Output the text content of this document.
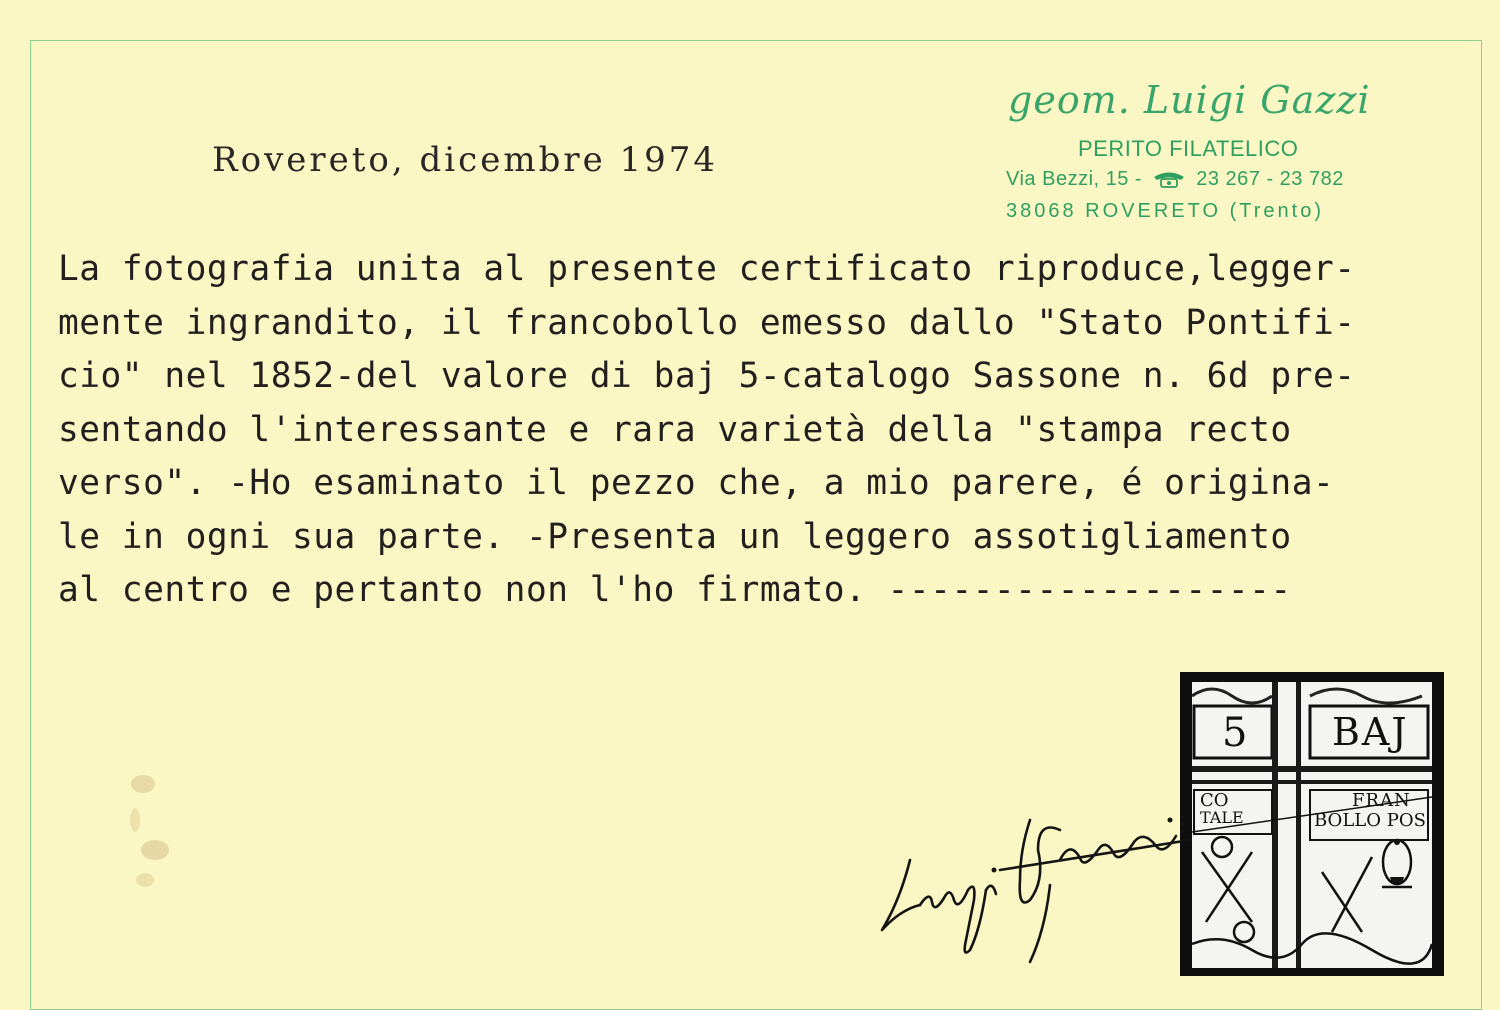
Rovereto, dicembre 1974
geom. Luigi Gazzi
PERITO FILATELICO
Via Bezzi, 15 -	23 267 - 23 782
38068 ROVERETO (Trento)
La fotografia unita al presente certificato riproduce,legger-
mente ingrandito, il francobollo emesso dallo "Stato Pontifi-
cio" nel 1852-del valore di baj 5-catalogo Sassone n. 6d pre-
sentando l'interessante e rara varietà della "stampa recto
verso". -Ho esaminato il pezzo che, a mio parere, é origina-
le in ogni sua parte. -Presenta un leggero assotigliamento
al centro e pertanto non l'ho firmato. -------------------
5 BAJ
CO
TALE
FRAN
BOLLO POS
